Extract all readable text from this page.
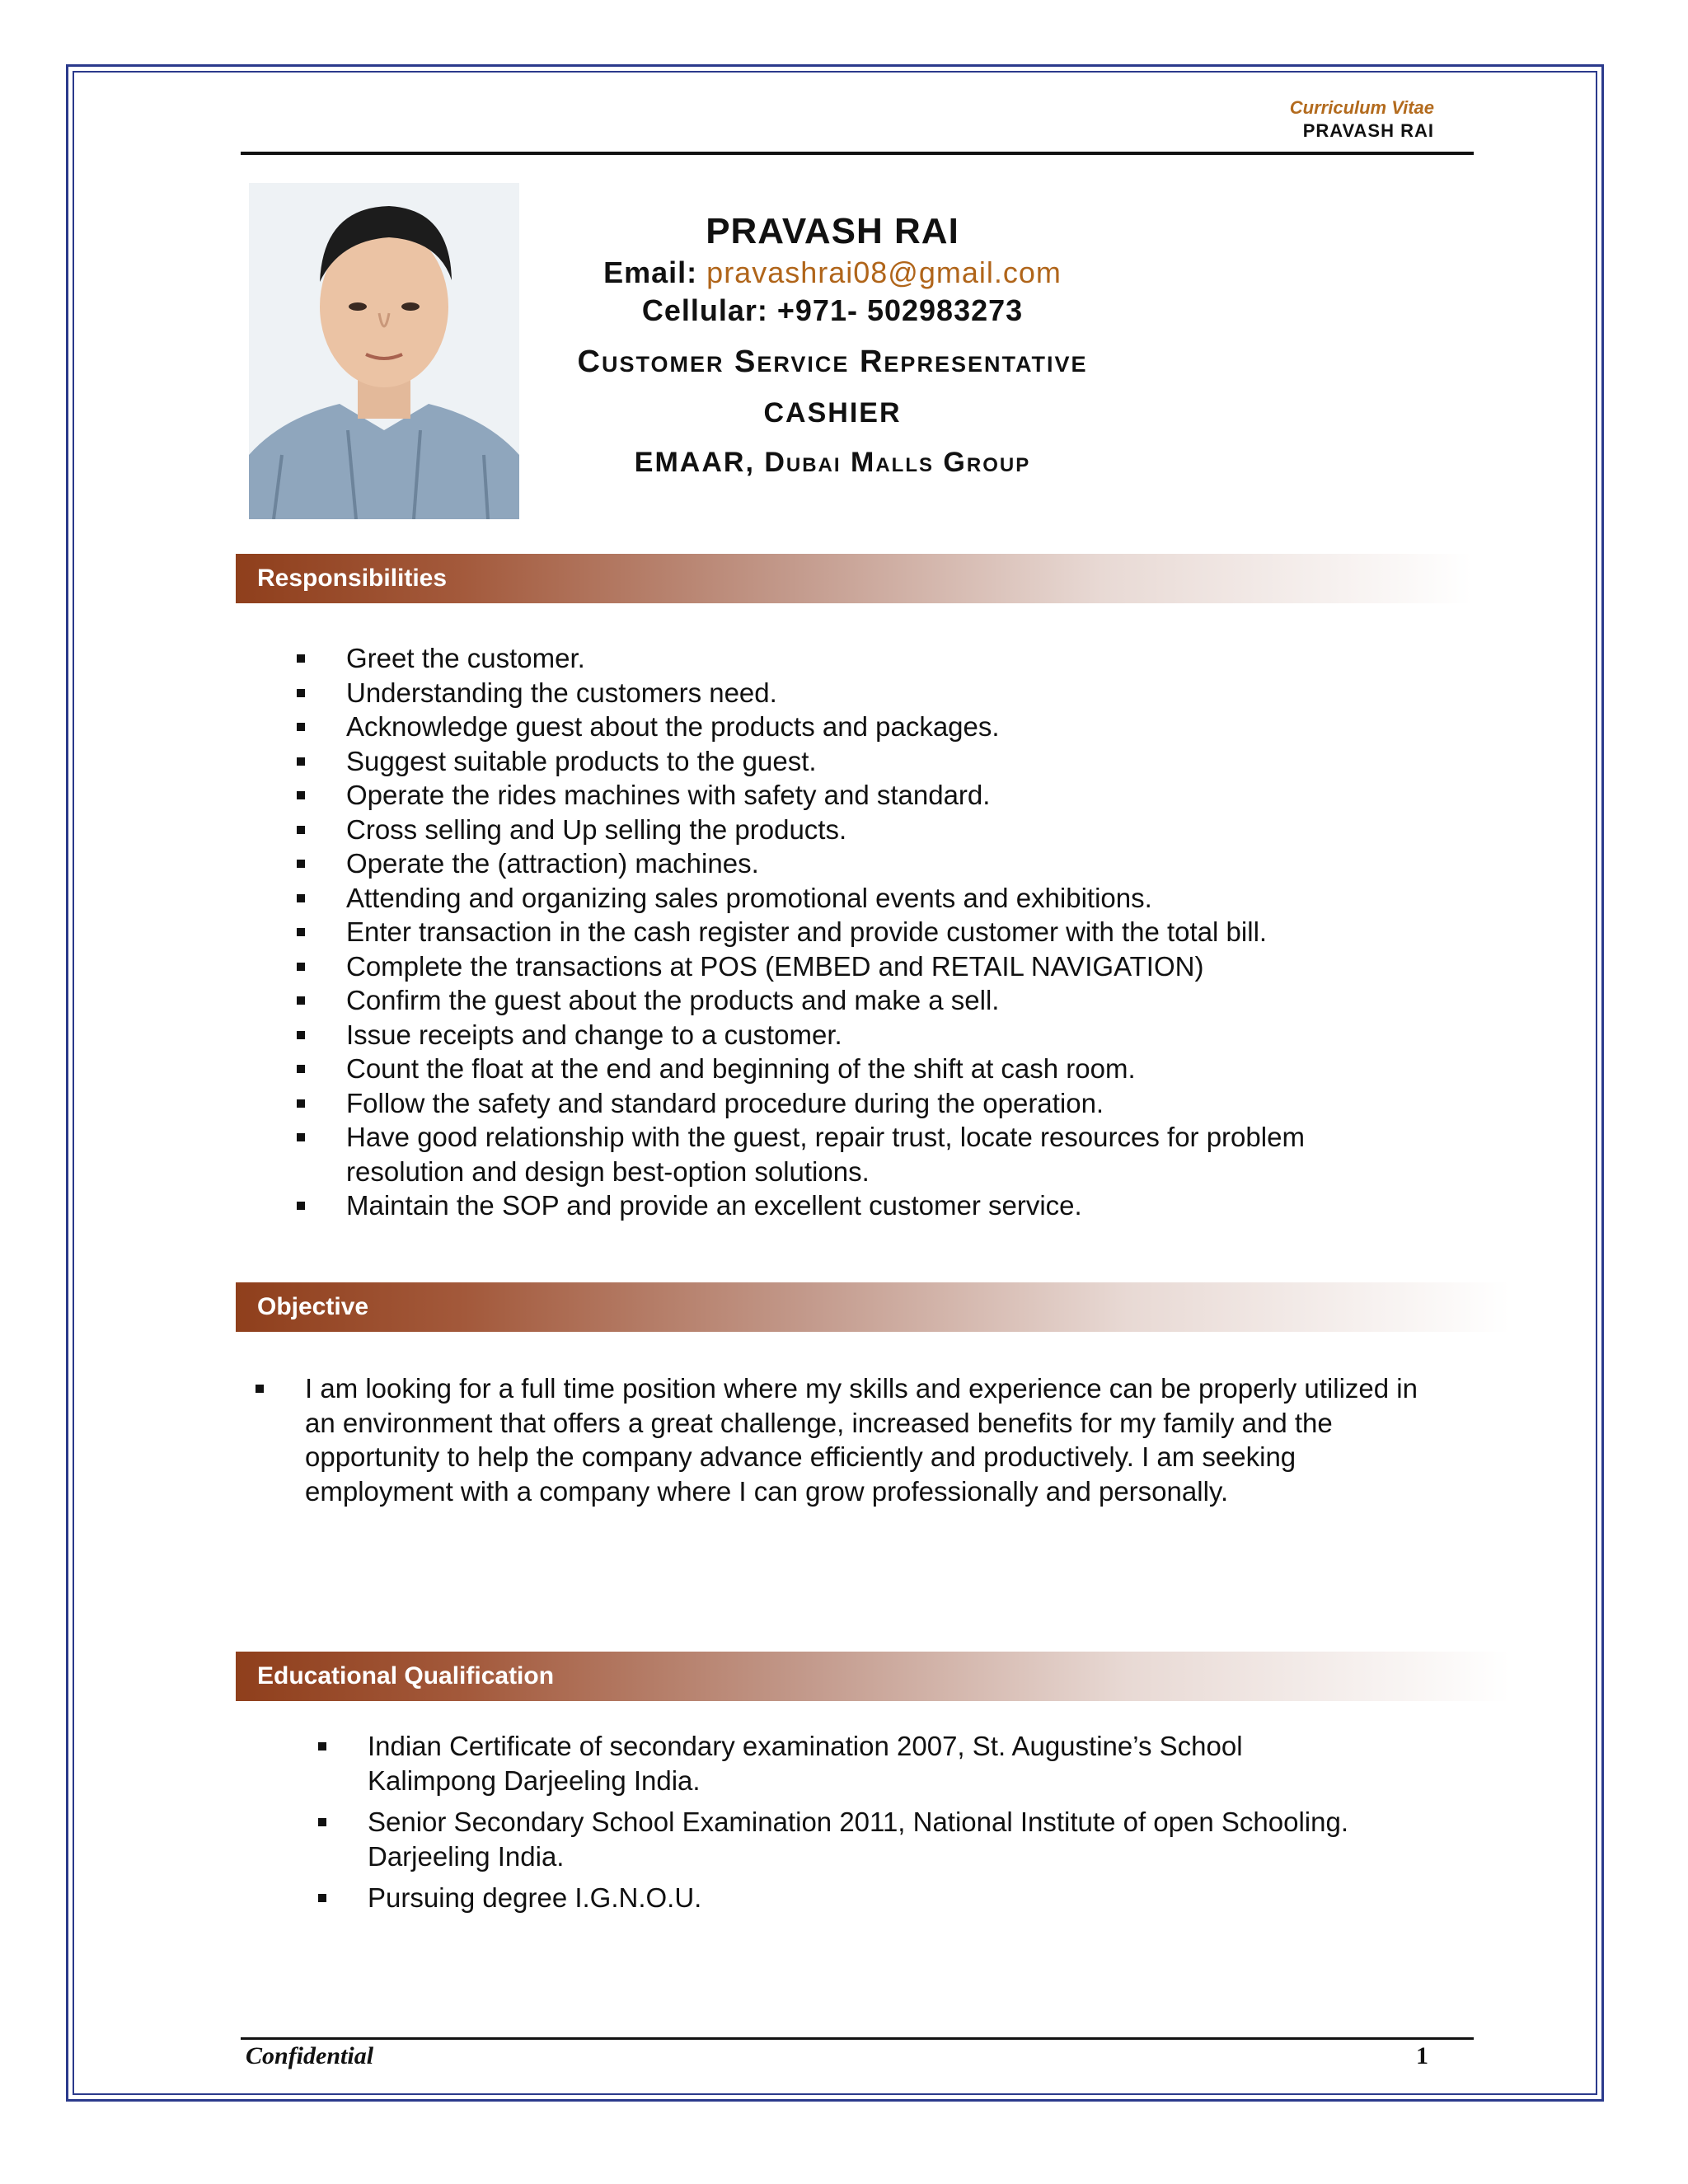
Curriculum Vitae
PRAVASH RAI
PRAVASH RAI
Email: pravashrai08@gmail.com
Cellular: +971- 502983273
Customer Service Representative
CASHIER
EMAAR, Dubai Malls Group
Responsibilities
Greet the customer.
Understanding the customers need.
Acknowledge guest about the products and packages.
Suggest suitable products to the guest.
Operate the rides machines with safety and standard.
Cross selling and Up selling the products.
Operate the (attraction) machines.
Attending and organizing sales promotional events and exhibitions.
Enter transaction in the cash register and provide customer with the total bill.
Complete the transactions at POS (EMBED and RETAIL NAVIGATION)
Confirm the guest about the products and make a sell.
Issue receipts and change to a customer.
Count the float at the end and beginning of the shift at cash room.
Follow the safety and standard procedure during the operation.
Have good relationship with the guest, repair trust, locate resources for problem resolution and design best-option solutions.
Maintain the SOP and provide an excellent customer service.
Objective
I am looking for a full time position where my skills and experience can be properly utilized in an environment that offers a great challenge, increased benefits for my family and the opportunity to help the company advance efficiently and productively. I am seeking employment with a company where I can grow professionally and personally.
Educational Qualification
Indian Certificate of secondary examination 2007, St. Augustine’s School Kalimpong Darjeeling India.
Senior Secondary School Examination 2011, National Institute of open Schooling. Darjeeling India.
Pursuing degree I.G.N.O.U.
Confidential	1
